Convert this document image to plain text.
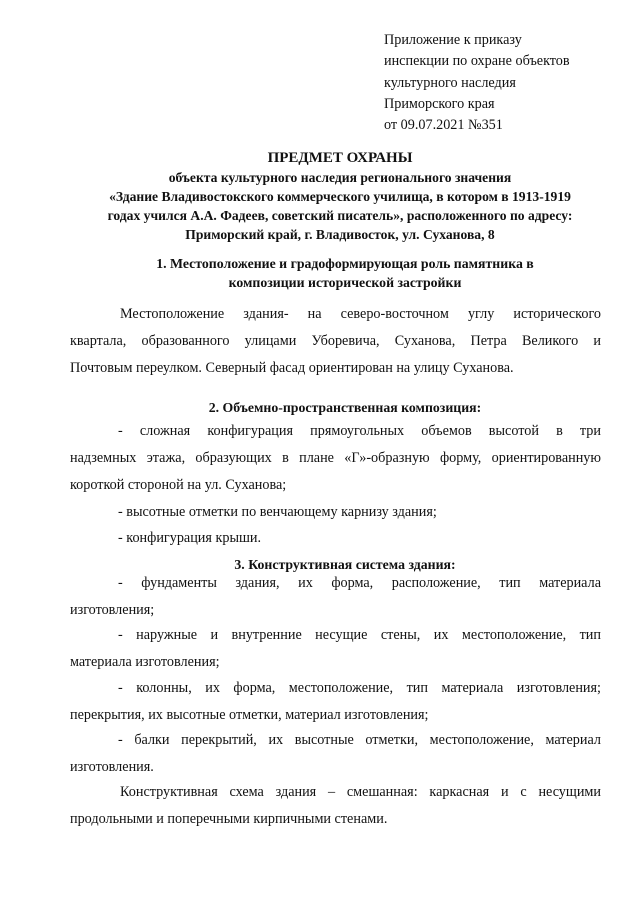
Приложение к приказу
инспекции по охране объектов
культурного наследия
Приморского края
от 09.07.2021 №351
ПРЕДМЕТ ОХРАНЫ
объекта культурного наследия регионального значения
«Здание Владивостокского коммерческого училища, в котором в 1913-1919
годах учился А.А. Фадеев, советский писатель», расположенного по адресу:
Приморский край, г. Владивосток, ул. Суханова, 8
1. Местоположение и градоформирующая роль памятника в
композиции исторической застройки
Местоположение здания- на северо-восточном углу исторического
квартала, образованного улицами Уборевича, Суханова, Петра Великого и
Почтовым переулком. Северный фасад ориентирован на улицу Суханова.
2. Объемно-пространственная композиция:
- сложная конфигурация прямоугольных объемов высотой в три
надземных этажа, образующих в плане «Г»-образную форму, ориентированную
короткой стороной на ул. Суханова;
- высотные отметки по венчающему карнизу здания;
- конфигурация крыши.
3. Конструктивная система здания:
- фундаменты здания, их форма, расположение, тип материала
изготовления;
- наружные и внутренние несущие стены, их местоположение, тип
материала изготовления;
- колонны, их форма, местоположение, тип материала изготовления;
перекрытия, их высотные отметки, материал изготовления;
- балки перекрытий, их высотные отметки, местоположение, материал
изготовления.
Конструктивная схема здания – смешанная: каркасная и с несущими
продольными и поперечными кирпичными стенами.
